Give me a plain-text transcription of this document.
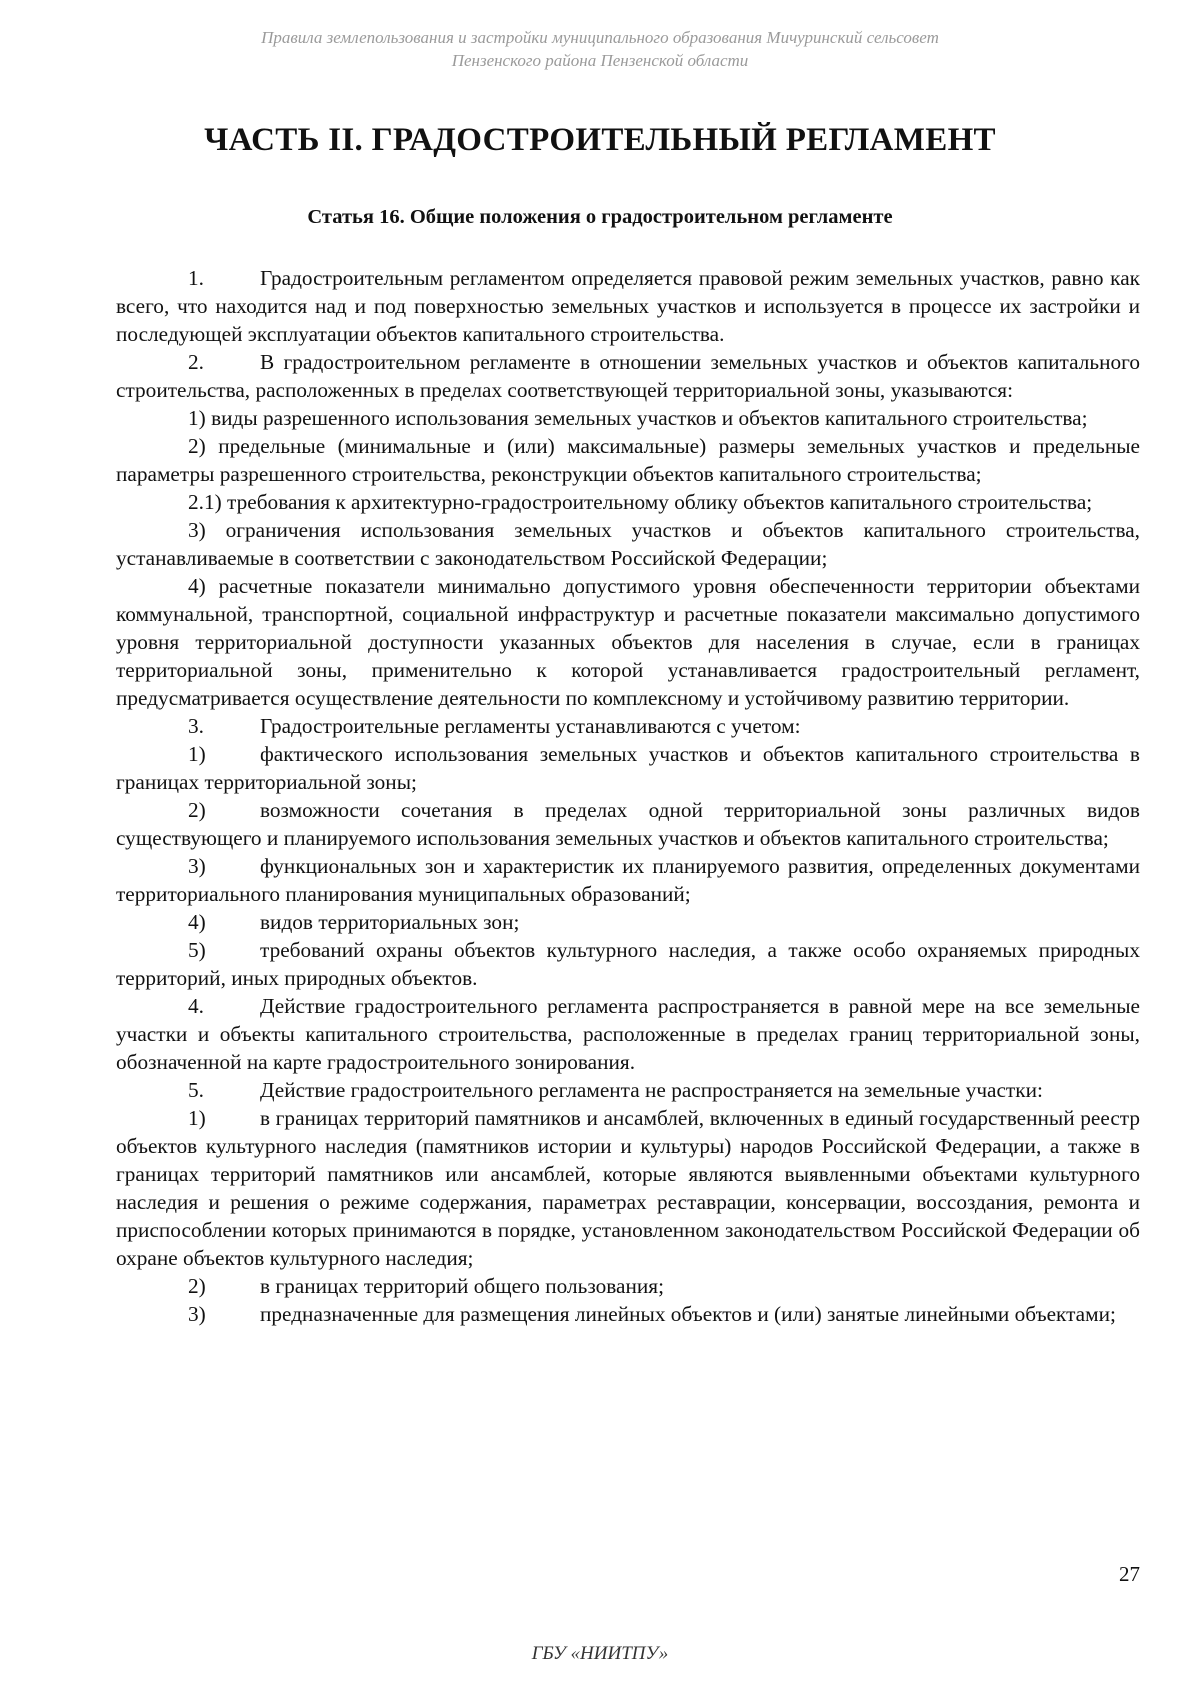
Правила землепользования и застройки муниципального образования Мичуринский сельсовет
Пензенского района Пензенской области
ЧАСТЬ II. ГРАДОСТРОИТЕЛЬНЫЙ РЕГЛАМЕНТ
Статья 16. Общие положения о градостроительном регламенте

1.	Градостроительным регламентом определяется правовой режим земельных участков, равно как всего, что находится над и под поверхностью земельных участков и используется в процессе их застройки и последующей эксплуатации объектов капитального строительства.

2.	В градостроительном регламенте в отношении земельных участков и объектов капитального строительства, расположенных в пределах соответствующей территориальной зоны, указываются:

1) виды разрешенного использования земельных участков и объектов капитального строительства;

2) предельные (минимальные и (или) максимальные) размеры земельных участков и предельные параметры разрешенного строительства, реконструкции объектов капитального строительства;

2.1) требования к архитектурно-градостроительному облику объектов капитального строительства;

3) ограничения использования земельных участков и объектов капитального строительства, устанавливаемые в соответствии с законодательством Российской Федерации;

4) расчетные показатели минимально допустимого уровня обеспеченности территории объектами коммунальной, транспортной, социальной инфраструктур и расчетные показатели максимально допустимого уровня территориальной доступности указанных объектов для населения в случае, если в границах территориальной зоны, применительно к которой устанавливается градостроительный регламент, предусматривается осуществление деятельности по комплексному и устойчивому развитию территории.

3.	Градостроительные регламенты устанавливаются с учетом:

1)	фактического использования земельных участков и объектов капитального строительства в границах территориальной зоны;

2)	возможности сочетания в пределах одной территориальной зоны различных видов существующего и планируемого использования земельных участков и объектов капитального строительства;

3)	функциональных зон и характеристик их планируемого развития, определенных документами территориального планирования муниципальных образований;

4)	видов территориальных зон;

5)	требований охраны объектов культурного наследия, а также особо охраняемых природных территорий, иных природных объектов.

4.	Действие градостроительного регламента распространяется в равной мере на все земельные участки и объекты капитального строительства, расположенные в пределах границ территориальной зоны, обозначенной на карте градостроительного зонирования.

5.	Действие градостроительного регламента не распространяется на земельные участки:

1)	в границах территорий памятников и ансамблей, включенных в единый государственный реестр объектов культурного наследия (памятников истории и культуры) народов Российской Федерации, а также в границах территорий памятников или ансамблей, которые являются выявленными объектами культурного наследия и решения о режиме содержания, параметрах реставрации, консервации, воссоздания, ремонта и приспособлении которых принимаются в порядке, установленном законодательством Российской Федерации об охране объектов культурного наследия;

2)	в границах территорий общего пользования;

3)	предназначенные для размещения линейных объектов и (или) занятые линейными объектами;

27
ГБУ «НИИТПУ»
